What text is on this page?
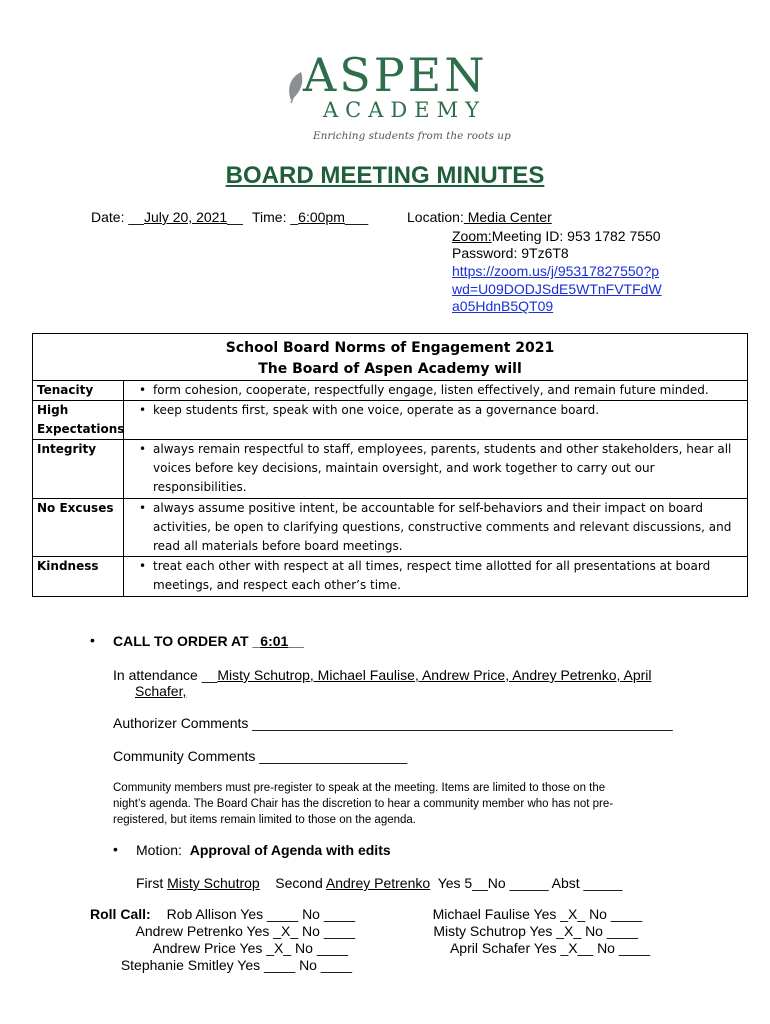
ASPEN
ACADEMY
Enriching students from the roots up
BOARD MEETING MINUTES
Date: __July 20, 2021__ Time: _6:00pm___	Location: Media Center
Zoom:Meeting ID: 953 1782 7550
Password: 9Tz6T8
https://zoom.us/j/95317827550?p
wd=U09DODJSdE5WTnFVTFdW
a05HdnB5QT09
School Board Norms of Engagement 2021
The Board of Aspen Academy will
Tenacity	• form cohesion, cooperate, respectfully engage, listen effectively, and remain future minded.
High
Expectations
• keep students first, speak with one voice, operate as a governance board.
Integrity	• always remain respectful to staff, employees, parents, students and other stakeholders, hear all
voices before key decisions, maintain oversight, and work together to carry out our
responsibilities.
No Excuses	• always assume positive intent, be accountable for self-behaviors and their impact on board
activities, be open to clarifying questions, constructive comments and relevant discussions, and
read all materials before board meetings.
Kindness	• treat each other with respect at all times, respect time allotted for all presentations at board
meetings, and respect each other’s time.
• CALL TO ORDER AT _6:01__
In attendance __Misty Schutrop, Michael Faulise, Andrew Price, Andrey Petrenko, April
Schafer,
Authorizer Comments ______________________________________________________
Community Comments ___________________
Community members must pre-register to speak at the meeting. Items are limited to those on the
night’s agenda. The Board Chair has the discretion to hear a community member who has not pre-
registered, but items remain limited to those on the agenda.
• Motion: Approval of Agenda with edits
First Misty Schutrop Second Andrey Petrenko Yes 5__No _____ Abst _____
Roll Call:	Rob Allison Yes ____ No ____
Andrew Petrenko Yes _X_ No ____
Andrew Price Yes _X_ No ____
Stephanie Smitley Yes ____ No ____
Michael Faulise Yes _X_ No ____
Misty Schutrop Yes _X_ No ____
April Schafer Yes _X__ No ____
